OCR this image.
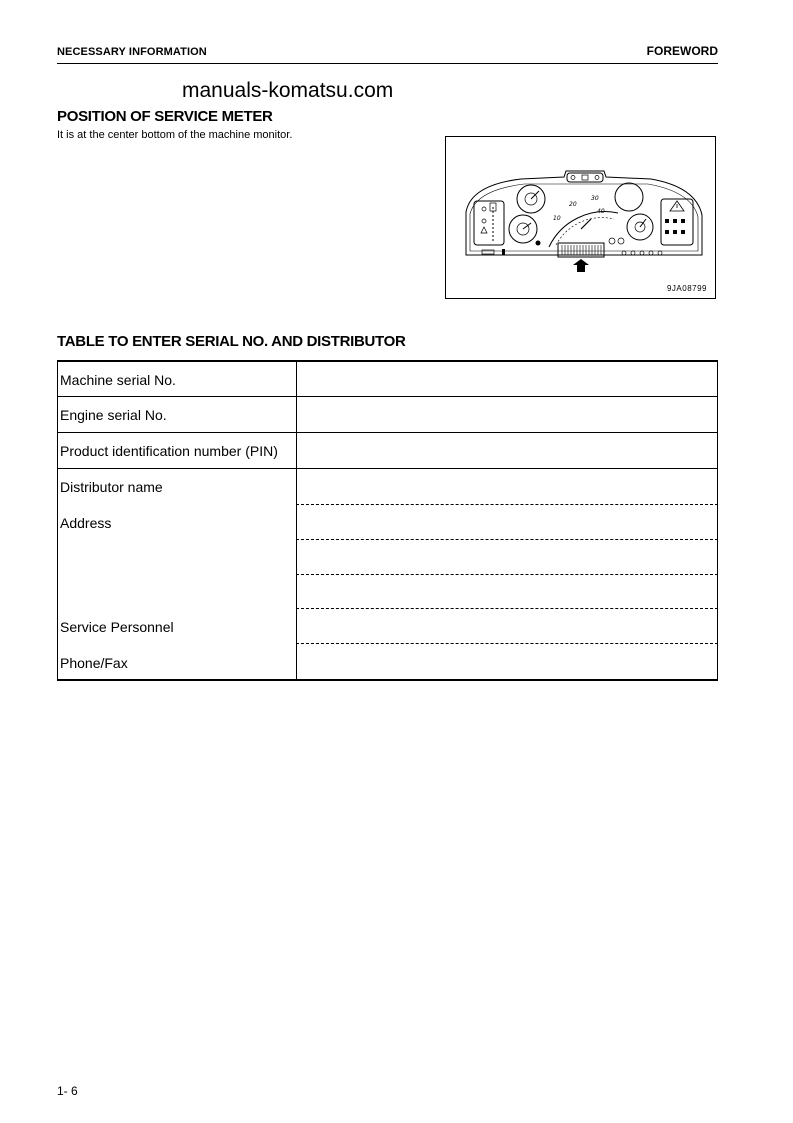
NECESSARY INFORMATION	FOREWORD
manuals-komatsu.com
POSITION OF SERVICE METER
It is at the center bottom of the machine monitor.
20
30
10
40
9JA08799
TABLE TO ENTER SERIAL NO. AND DISTRIBUTOR
Machine serial No.
Engine serial No.
Product identification number (PIN)
Distributor name
Address
Service Personnel
Phone/Fax
1- 6
